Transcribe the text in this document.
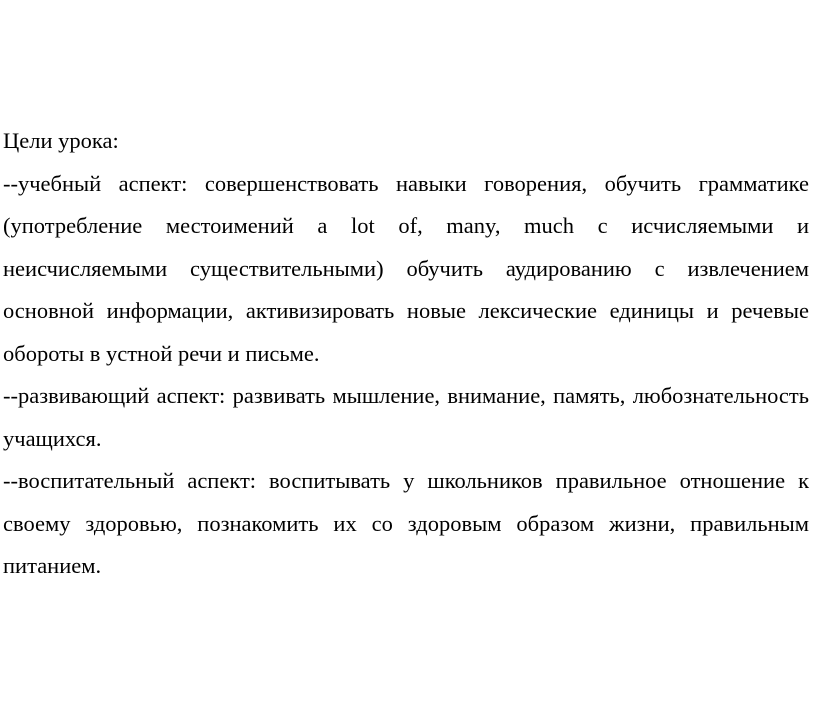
Цели урока:

--учебный аспект: совершенствовать навыки говорения, обучить грамматике (употребление местоимений a lot of, many, much с исчисляемыми и неисчисляемыми существительными) обучить аудированию с извлечением основной информации, активизировать новые лексические единицы и речевые обороты в устной речи и письме.

--развивающий аспект: развивать мышление, внимание, память, любознательность учащихся.

--воспитательный аспект: воспитывать у школьников правильное отношение к своему здоровью, познакомить их со здоровым образом жизни, правильным питанием.
